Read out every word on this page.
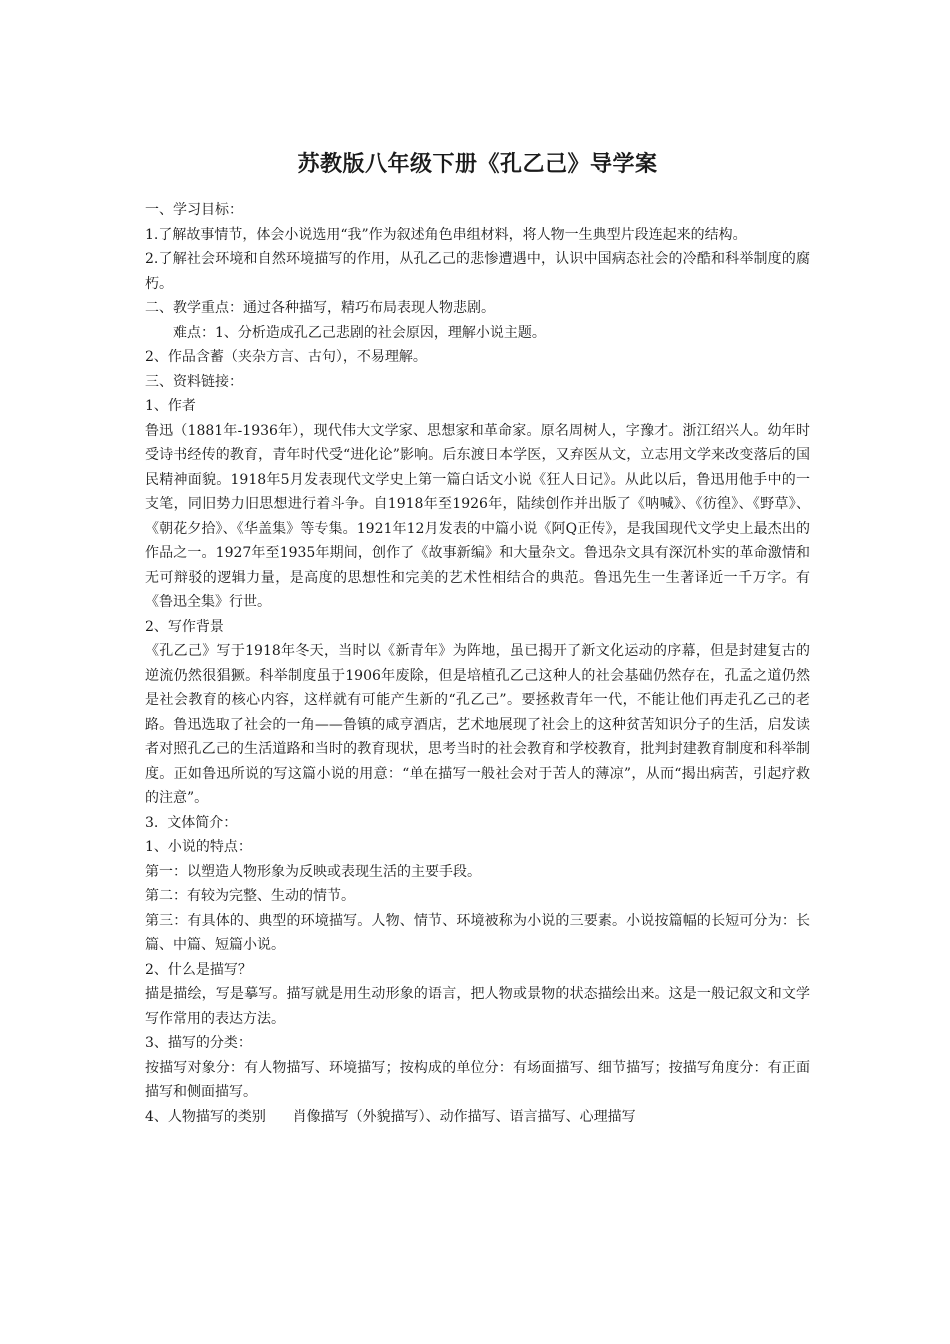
苏教版八年级下册《孔乙己》导学案

一、学习目标：

1.了解故事情节，体会小说选用“我”作为叙述角色串组材料，将人物一生典型片段连起来的结构。

2.了解社会环境和自然环境描写的作用，从孔乙己的悲惨遭遇中，认识中国病态社会的冷酷和科举制度的腐朽。

二、教学重点：通过各种描写，精巧布局表现人物悲剧。

难点：1、分析造成孔乙己悲剧的社会原因，理解小说主题。

2、作品含蓄（夹杂方言、古句），不易理解。

三、资料链接：

1、作者

鲁迅（1881年-1936年），现代伟大文学家、思想家和革命家。原名周树人，字豫才。浙江绍兴人。幼年时受诗书经传的教育，青年时代受“进化论”影响。后东渡日本学医，又弃医从文，立志用文学来改变落后的国民精神面貌。1918年5月发表现代文学史上第一篇白话文小说《狂人日记》。从此以后，鲁迅用他手中的一支笔，同旧势力旧思想进行着斗争。自1918年至1926年，陆续创作并出版了《呐喊》、《彷徨》、《野草》、《朝花夕拾》、《华盖集》等专集。1921年12月发表的中篇小说《阿Q正传》，是我国现代文学史上最杰出的作品之一。1927年至1935年期间，创作了《故事新编》和大量杂文。鲁迅杂文具有深沉朴实的革命激情和无可辩驳的逻辑力量，是高度的思想性和完美的艺术性相结合的典范。鲁迅先生一生著译近一千万字。有《鲁迅全集》行世。

2、写作背景

《孔乙己》写于1918年冬天，当时以《新青年》为阵地，虽已揭开了新文化运动的序幕，但是封建复古的逆流仍然很猖獗。科举制度虽于1906年废除，但是培植孔乙己这种人的社会基础仍然存在，孔孟之道仍然是社会教育的核心内容，这样就有可能产生新的“孔乙己”。要拯救青年一代，不能让他们再走孔乙己的老路。鲁迅选取了社会的一角——鲁镇的咸亨酒店，艺术地展现了社会上的这种贫苦知识分子的生活，启发读者对照孔乙己的生活道路和当时的教育现状，思考当时的社会教育和学校教育，批判封建教育制度和科举制度。正如鲁迅所说的写这篇小说的用意：“单在描写一般社会对于苦人的薄凉”，从而“揭出病苦，引起疗救的注意”。

3.  文体简介：

1、小说的特点：

第一：以塑造人物形象为反映或表现生活的主要手段。

第二：有较为完整、生动的情节。

第三：有具体的、典型的环境描写。人物、情节、环境被称为小说的三要素。小说按篇幅的长短可分为：长篇、中篇、短篇小说。

2、什么是描写？

描是描绘，写是摹写。描写就是用生动形象的语言，把人物或景物的状态描绘出来。这是一般记叙文和文学写作常用的表达方法。

3、描写的分类：

按描写对象分：有人物描写、环境描写；按构成的单位分：有场面描写、细节描写；按描写角度分：有正面描写和侧面描写。

4、人物描写的类别      肖像描写（外貌描写）、动作描写、语言描写、心理描写
